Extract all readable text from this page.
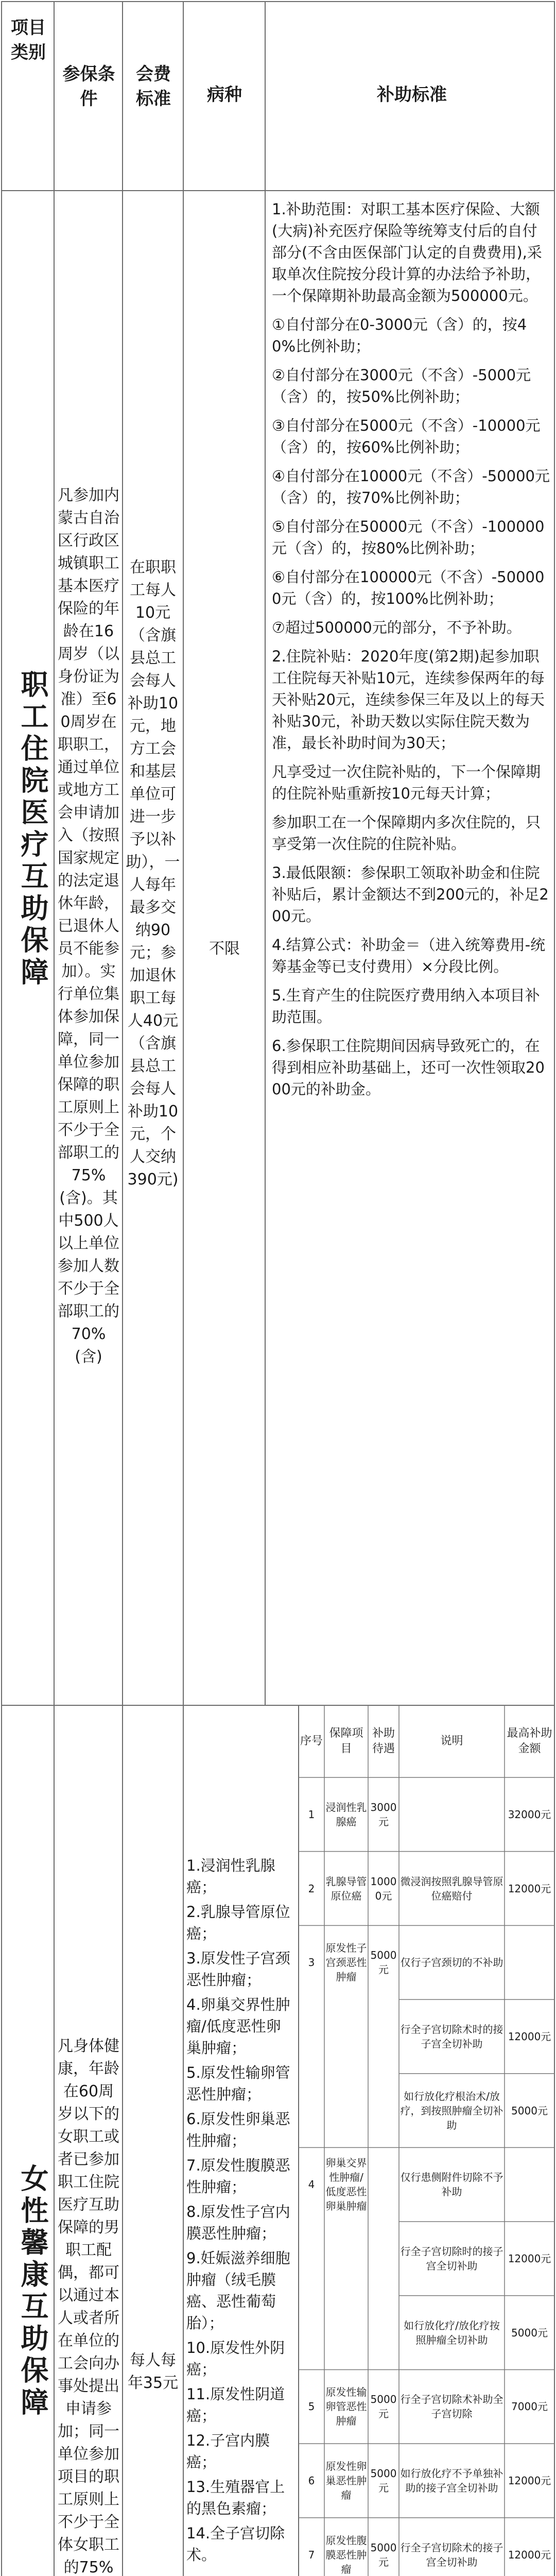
项目类别
参保条件
会费标准	病种	补助标准
职工住院医疗互助保障
凡参加内蒙古自治区行政区城镇职工基本医疗保险的年龄在16周岁（以身份证为准）至60周岁在职职工，通过单位或地方工会申请加入（按照国家规定的法定退休年龄，已退休人员不能参加）。实行单位集体参加保障，同一单位参加保障的职工原则上不少于全部职工的75%(含)。其中500人以上单位参加人数不少于全部职工的70%(含)
在职职工每人10元（含旗县总工会每人补助10元，地方工会和基层单位可进一步予以补助），一人每年最多交纳90元；参加退休职工每人40元（含旗县总工会每人补助10元，个人交纳390元)
不限
1.补助范围：对职工基本医疗保险、大额(大病)补充医疗保险等统筹支付后的自付部分(不含由医保部门认定的自费费用),采取单次住院按分段计算的办法给予补助，一个保障期补助最高金额为500000元。
①自付部分在0-3000元（含）的，按40%比例补助；
②自付部分在3000元（不含）-5000元（含）的，按50%比例补助；
③自付部分在5000元（不含）-10000元（含）的，按60%比例补助；
④自付部分在10000元（不含）-50000元（含）的，按70%比例补助；
⑤自付部分在50000元（不含）-100000元（含）的，按80%比例补助；
⑥自付部分在100000元（不含）-500000元（含）的，按100%比例补助；
⑦超过500000元的部分，不予补助。
2.住院补贴：2020年度(第2期)起参加职工住院每天补贴10元，连续参保两年的每天补贴20元，连续参保三年及以上的每天补贴30元，补助天数以实际住院天数为准，最长补助时间为30天；
凡享受过一次住院补贴的，下一个保障期的住院补贴重新按10元每天计算；
参加职工在一个保障期内多次住院的，只享受第一次住院的住院补贴。
3.最低限额：参保职工领取补助金和住院补贴后，累计金额达不到200元的，补足200元。
4.结算公式：补助金＝（进入统筹费用-统筹基金等已支付费用）×分段比例。
5.生育产生的住院医疗费用纳入本项目补助范围。
6.参保职工住院期间因病导致死亡的，在得到相应补助基础上，还可一次性领取2000元的补助金。
女性馨康互助保障
凡身体健康，年龄在60周岁以下的女职工或者已参加职工住院医疗互助保障的男职工配偶，都可以通过本人或者所在单位的工会向办事处提出申请参加；同一单位参加项目的职工原则上不少于全体女职工的75%
每人每年35元
1.浸润性乳腺癌；
2.乳腺导管原位癌；
3.原发性子宫颈恶性肿瘤；
4.卵巢交界性肿瘤/低度恶性卵巢肿瘤；
5.原发性输卵管恶性肿瘤；
6.原发性卵巢恶性肿瘤；
7.原发性腹膜恶性肿瘤；
8.原发性子宫内膜恶性肿瘤；
9.妊娠滋养细胞肿瘤（绒毛膜癌、恶性葡萄胎）；
10.原发性外阴癌；
11.原发性阴道癌；
12.子宫内膜癌；
13.生殖器官上的黑色素瘤；
14.全子宫切除术。
序号
保障项目
补助待遇
说明
最高补助金额
1
浸润性乳腺癌
3000元
32000元
2
乳腺导管原位癌
10000元
微浸润按照乳腺导管原位癌赔付
12000元
3
原发性子宫颈恶性肿瘤
5000元
仅行子宫颈切的不补助
行全子宫切除术时的接子宫全切补助
12000元
如行放化疗根治术/放疗，到按照肿瘤全切补助
5000元
4
卵巢交界性肿瘤/低度恶性卵巢肿瘤
仅行患侧附件切除不予补助
行全子宫切除时的接子宫全切补助
12000元
如行放化疗/放化疗按照肿瘤全切补助
5000元
5
原发性输卵管恶性肿瘤
5000元
行全子宫切除术补助全子宫切除
7000元
6
原发性卵巢恶性肿瘤
5000元
如行放化疗不予单独补助的接子宫全切补助
12000元
7
原发性腹膜恶性肿瘤
5000元
行全子宫切除术的接子宫全切补助
12000元
